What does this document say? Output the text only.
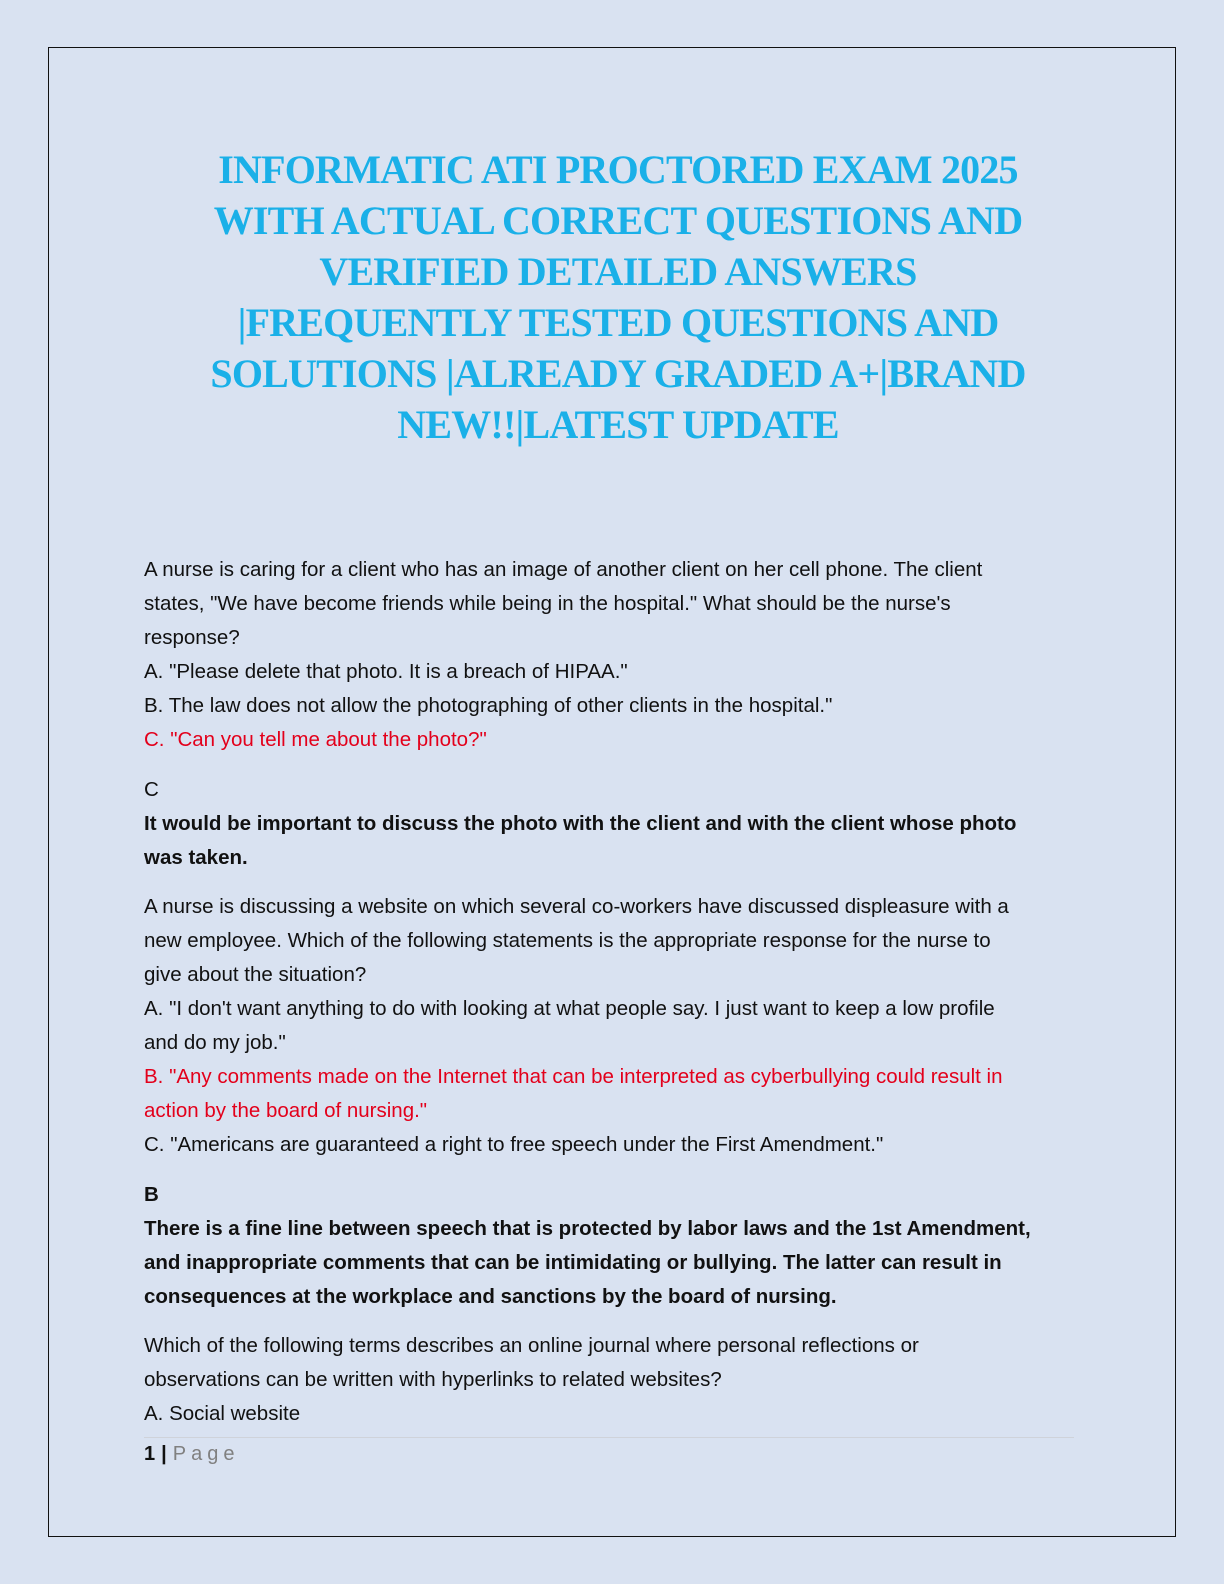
INFORMATIC ATI PROCTORED EXAM 2025
WITH ACTUAL CORRECT QUESTIONS AND
VERIFIED DETAILED ANSWERS
|FREQUENTLY TESTED QUESTIONS AND
SOLUTIONS |ALREADY GRADED A+|BRAND
NEW!!|LATEST UPDATE
A nurse is caring for a client who has an image of another client on her cell phone. The client
states, "We have become friends while being in the hospital." What should be the nurse's
response?
A. "Please delete that photo. It is a breach of HIPAA."
B. The law does not allow the photographing of other clients in the hospital."
C. "Can you tell me about the photo?"
C
It would be important to discuss the photo with the client and with the client whose photo
was taken.
A nurse is discussing a website on which several co-workers have discussed displeasure with a
new employee. Which of the following statements is the appropriate response for the nurse to
give about the situation?
A. "I don't want anything to do with looking at what people say. I just want to keep a low profile
and do my job."
B. "Any comments made on the Internet that can be interpreted as cyberbullying could result in
action by the board of nursing."
C. "Americans are guaranteed a right to free speech under the First Amendment."
B
There is a fine line between speech that is protected by labor laws and the 1st Amendment,
and inappropriate comments that can be intimidating or bullying. The latter can result in
consequences at the workplace and sanctions by the board of nursing.
Which of the following terms describes an online journal where personal reflections or
observations can be written with hyperlinks to related websites?
A. Social website
1 | Page
